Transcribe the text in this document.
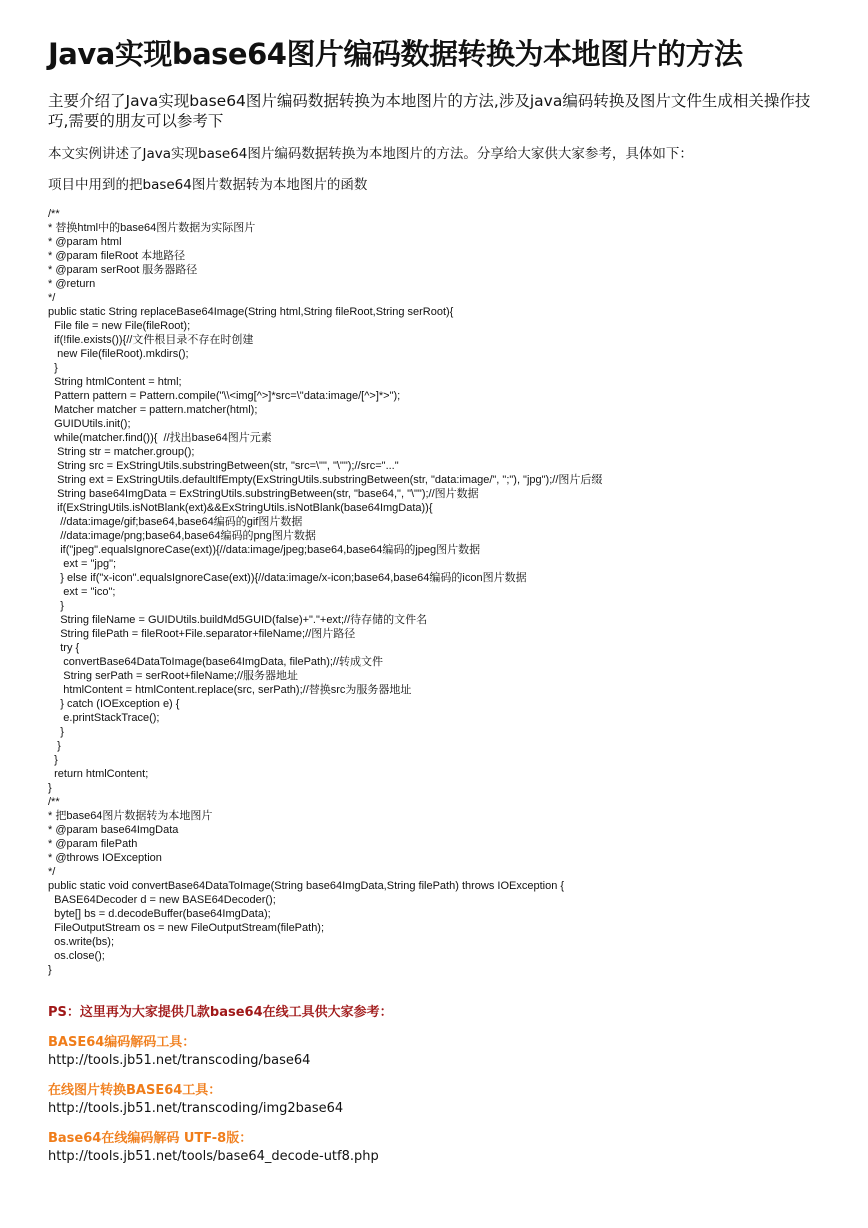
Java实现base64图片编码数据转换为本地图片的方法
主要介绍了Java实现base64图片编码数据转换为本地图片的方法,涉及java编码转换及图片文件生成相关操作技巧,需要的朋友可以参考下
本文实例讲述了Java实现base64图片编码数据转换为本地图片的方法。分享给大家供大家参考，具体如下：
项目中用到的把base64图片数据转为本地图片的函数
/**
* 替换html中的base64图片数据为实际图片
* @param html
* @param fileRoot 本地路径
* @param serRoot 服务器路径
* @return
*/
public static String replaceBase64Image(String html,String fileRoot,String serRoot){
File file = new File(fileRoot);
if(!file.exists()){//文件根目录不存在时创建
new File(fileRoot).mkdirs();
}
String htmlContent = html;
Pattern pattern = Pattern.compile("\\<img[^>]*src=\"data:image/[^>]*>");
Matcher matcher = pattern.matcher(html);
GUIDUtils.init();
while(matcher.find()){  //找出base64图片元素
String str = matcher.group();
String src = ExStringUtils.substringBetween(str, "src=\"", "\"");//src="..."
String ext = ExStringUtils.defaultIfEmpty(ExStringUtils.substringBetween(str, "data:image/", ";"), "jpg");//图片后缀
String base64ImgData = ExStringUtils.substringBetween(str, "base64,", "\"");//图片数据
if(ExStringUtils.isNotBlank(ext)&&ExStringUtils.isNotBlank(base64ImgData)){
//data:image/gif;base64,base64编码的gif图片数据
//data:image/png;base64,base64编码的png图片数据
if("jpeg".equalsIgnoreCase(ext)){//data:image/jpeg;base64,base64编码的jpeg图片数据
ext = "jpg";
} else if("x-icon".equalsIgnoreCase(ext)){//data:image/x-icon;base64,base64编码的icon图片数据
ext = "ico";
}
String fileName = GUIDUtils.buildMd5GUID(false)+"."+ext;//待存储的文件名
String filePath = fileRoot+File.separator+fileName;//图片路径
try {
convertBase64DataToImage(base64ImgData, filePath);//转成文件
String serPath = serRoot+fileName;//服务器地址
htmlContent = htmlContent.replace(src, serPath);//替换src为服务器地址
} catch (IOException e) {
e.printStackTrace();
}
}
}
return htmlContent;
}
/**
* 把base64图片数据转为本地图片
* @param base64ImgData
* @param filePath
* @throws IOException
*/
public static void convertBase64DataToImage(String base64ImgData,String filePath) throws IOException {
BASE64Decoder d = new BASE64Decoder();
byte[] bs = d.decodeBuffer(base64ImgData);
FileOutputStream os = new FileOutputStream(filePath);
os.write(bs);
os.close();
}
PS：这里再为大家提供几款base64在线工具供大家参考：
BASE64编码解码工具：
http://tools.jb51.net/transcoding/base64
在线图片转换BASE64工具：
http://tools.jb51.net/transcoding/img2base64
Base64在线编码解码 UTF-8版：
http://tools.jb51.net/tools/base64_decode-utf8.php
